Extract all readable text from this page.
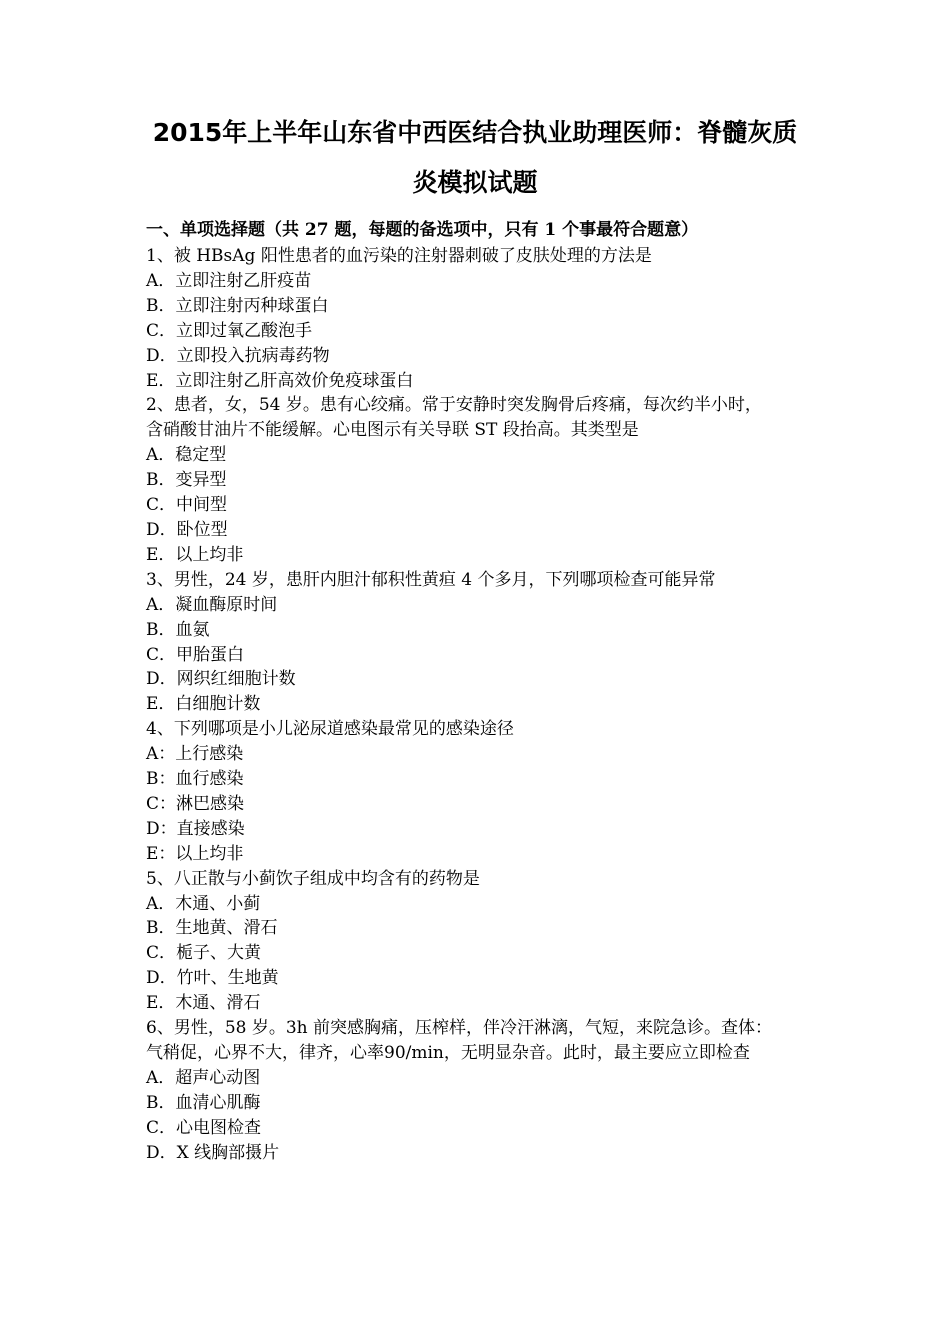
2015年上半年山东省中西医结合执业助理医师：脊髓灰质
炎模拟试题
一、单项选择题（共 27 题，每题的备选项中，只有 1 个事最符合题意）
1、被 HBsAg 阳性患者的血污染的注射器刺破了皮肤处理的方法是
A．立即注射乙肝疫苗
B．立即注射丙种球蛋白
C．立即过氧乙酸泡手
D．立即投入抗病毒药物
E．立即注射乙肝高效价免疫球蛋白
2、患者，女，54 岁。患有心绞痛。常于安静时突发胸骨后疼痛，每次约半小时，
含硝酸甘油片不能缓解。心电图示有关导联 ST 段抬高。其类型是
A．稳定型
B．变异型
C．中间型
D．卧位型
E．以上均非
3、男性，24 岁，患肝内胆汁郁积性黄疸 4 个多月，下列哪项检查可能异常
A．凝血酶原时间
B．血氨
C．甲胎蛋白
D．网织红细胞计数
E．白细胞计数
4、下列哪项是小儿泌尿道感染最常见的感染途径
A：上行感染
B：血行感染
C：淋巴感染
D：直接感染
E：以上均非
5、八正散与小蓟饮子组成中均含有的药物是
A．木通、小蓟
B．生地黄、滑石
C．栀子、大黄
D．竹叶、生地黄
E．木通、滑石
6、男性，58 岁。3h 前突感胸痛，压榨样，伴冷汗淋漓，气短，来院急诊。查体：
气稍促，心界不大，律齐，心率90/min，无明显杂音。此时，最主要应立即检查
A．超声心动图
B．血清心肌酶
C．心电图检查
D．X 线胸部摄片
